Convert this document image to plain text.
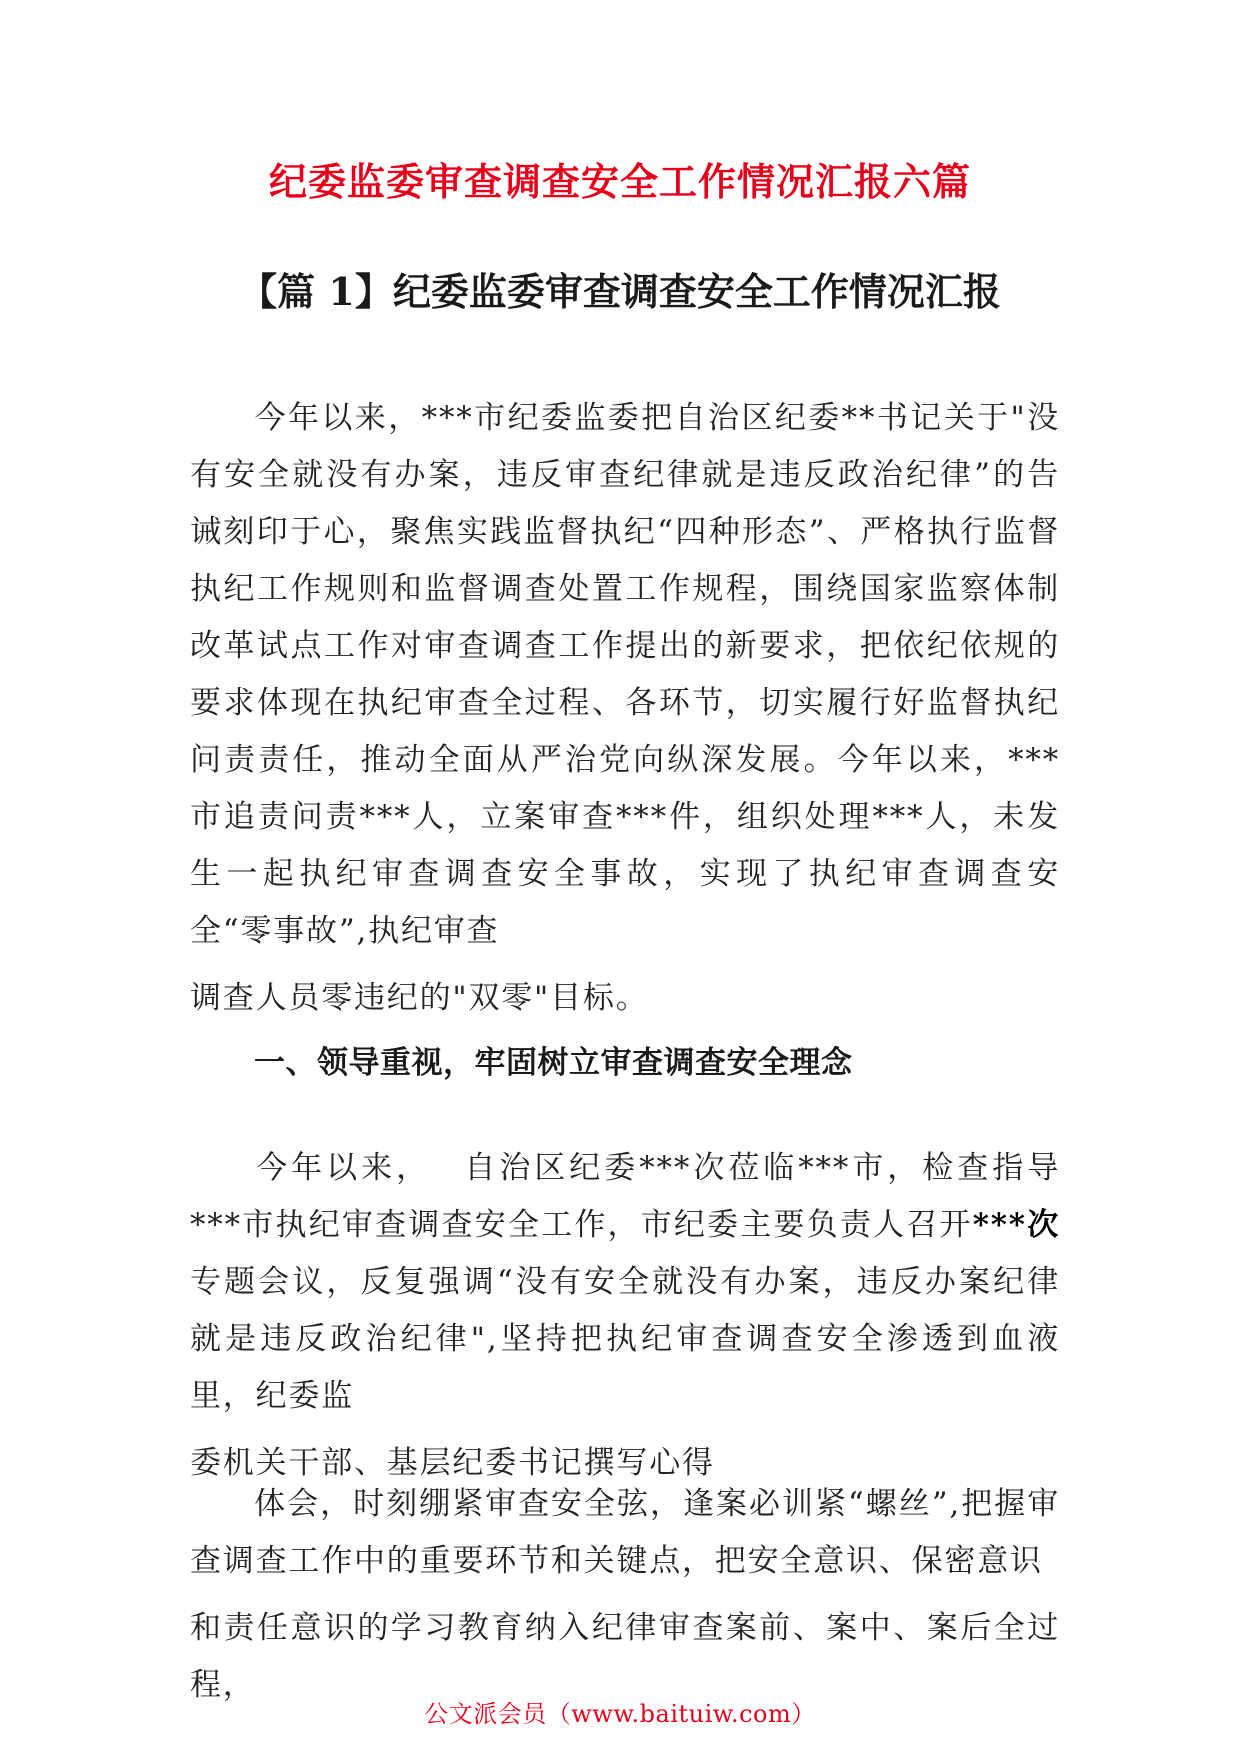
纪委监委审查调查安全工作情况汇报六篇
【篇 1】纪委监委审查调查安全工作情况汇报
今年以来，***市纪委监委把自治区纪委**书记关于"没有安全就没有办案，违反审查纪律就是违反政治纪律”的告诫刻印于心，聚焦实践监督执纪“四种形态”、严格执行监督执纪工作规则和监督调查处置工作规程，围绕国家监察体制改革试点工作对审查调查工作提出的新要求，把依纪依规的要求体现在执纪审查全过程、各环节，切实履行好监督执纪问责责任，推动全面从严治党向纵深发展。今年以来，***市追责问责***人，立案审查***件，组织处理***人，未发生一起执纪审查调查安全事故，实现了执纪审查调查安全“零事故”,执纪审查
调查人员零违纪的"双零"目标。
一、领导重视，牢固树立审查调查安全理念
今年以来，　 自治区纪委***次莅临***市，检查指导***市执纪审查调查安全工作，市纪委主要负责人召开***次专题会议，反复强调“没有安全就没有办案，违反办案纪律就是违反政治纪律",坚持把执纪审查调查安全渗透到血液里，纪委监
委机关干部、基层纪委书记撰写心得
体会，时刻绷紧审查安全弦，逢案必训紧“螺丝”,把握审查调查工作中的重要环节和关键点，把安全意识、保密意识
和责任意识的学习教育纳入纪律审查案前、案中、案后全过程，
公文派会员（www.baituiw.com）
